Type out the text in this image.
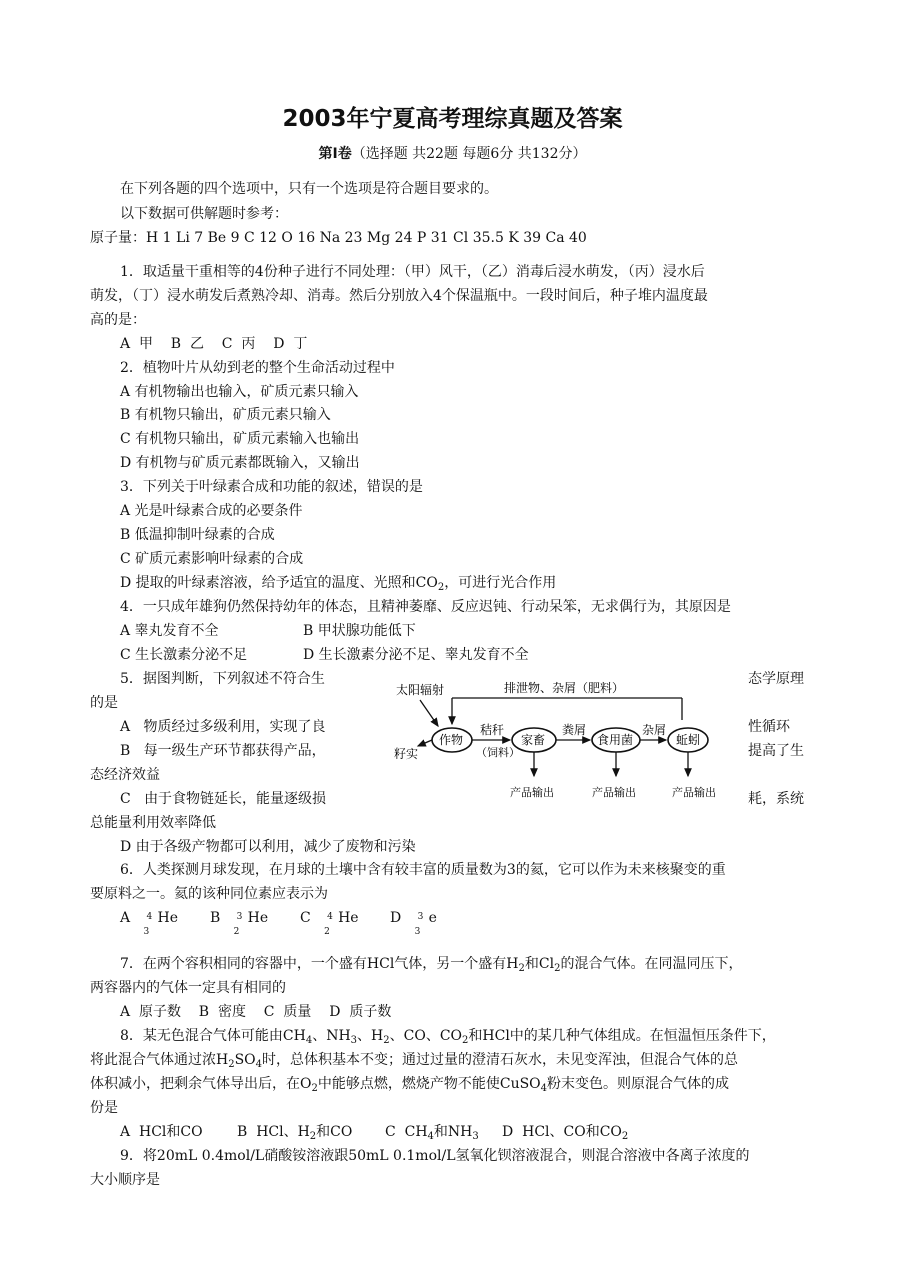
2003年宁夏高考理综真题及答案
第I卷（选择题 共22题 每题6分 共132分）
在下列各题的四个选项中，只有一个选项是符合题目要求的。
以下数据可供解题时参考：
原子量：H 1 Li 7 Be 9 C 12 O 16 Na 23 Mg 24 P 31 Cl 35.5 K 39 Ca 40
1．取适量干重相等的4份种子进行不同处理：（甲）风干，（乙）消毒后浸水萌发，（丙）浸水后
萌发，（丁）浸水萌发后煮熟冷却、消毒。然后分别放入4个保温瓶中。一段时间后，种子堆内温度最
高的是：
A  甲    B  乙    C  丙    D  丁
2．植物叶片从幼到老的整个生命活动过程中
A 有机物输出也输入，矿质元素只输入
B 有机物只输出，矿质元素只输入
C 有机物只输出，矿质元素输入也输出
D 有机物与矿质元素都既输入，又输出
3．下列关于叶绿素合成和功能的叙述，错误的是
A 光是叶绿素合成的必要条件
B 低温抑制叶绿素的合成
C 矿质元素影响叶绿素的合成
D 提取的叶绿素溶液，给予适宜的温度、光照和$CO_2$，可进行光合作用
4．一只成年雄狗仍然保持幼年的体态，且精神萎靡、反应迟钝、行动呆笨，无求偶行为，其原因是
A 睾丸发育不全	B 甲状腺功能低下
C 生长激素分泌不足	D 生长激素分泌不足、睾丸发育不全
5．据图判断，下列叙述不符合生	态学原理
的是
A   物质经过多级利用，实现了良	性循环
B   每一级生产环节都获得产品，	提高了生
态经济效益
C   由于食物链延长，能量逐级损	耗，系统
总能量利用效率降低
D 由于各级产物都可以利用，减少了废物和污染
排泄物、杂屑（肥料）
太阳辐射
作物
籽实
秸秆
（饲料）
家畜
产品输出
粪屑
食用菌
产品输出
杂屑
蚯蚓
产品输出
6．人类探测月球发现，在月球的土壤中含有较丰富的质量数为3的氦，它可以作为未来核聚变的重
要原料之一。氦的该种同位素应表示为
A 4
3
He B 3
2
He C 4
2
He D 3
3
e
7．在两个容积相同的容器中，一个盛有HCl气体，另一个盛有$H_2$和$Cl_2$的混合气体。在同温同压下，
两容器内的气体一定具有相同的
A  原子数    B  密度    C  质量    D  质子数
8．某无色混合气体可能由$CH_4$、$NH_3$、$H_2$、CO、$CO_2$和HCl中的某几种气体组成。在恒温恒压条件下，
将此混合气体通过浓$H_2SO_4$时，总体积基本不变；通过过量的澄清石灰水，未见变浑浊，但混合气体的总
体积减小，把剩余气体导出后，在$O_2$中能够点燃，燃烧产物不能使CuSO$_4$粉末变色。则原混合气体的成
份是
A  HCl和CO B  HCl、$H_2$和CO C  $CH_4$和$NH_3$ D  HCl、CO和$CO_2$
9．将20mL 0.4mol/L硝酸铵溶液跟50mL 0.1mol/L氢氧化钡溶液混合，则混合溶液中各离子浓度的
大小顺序是
